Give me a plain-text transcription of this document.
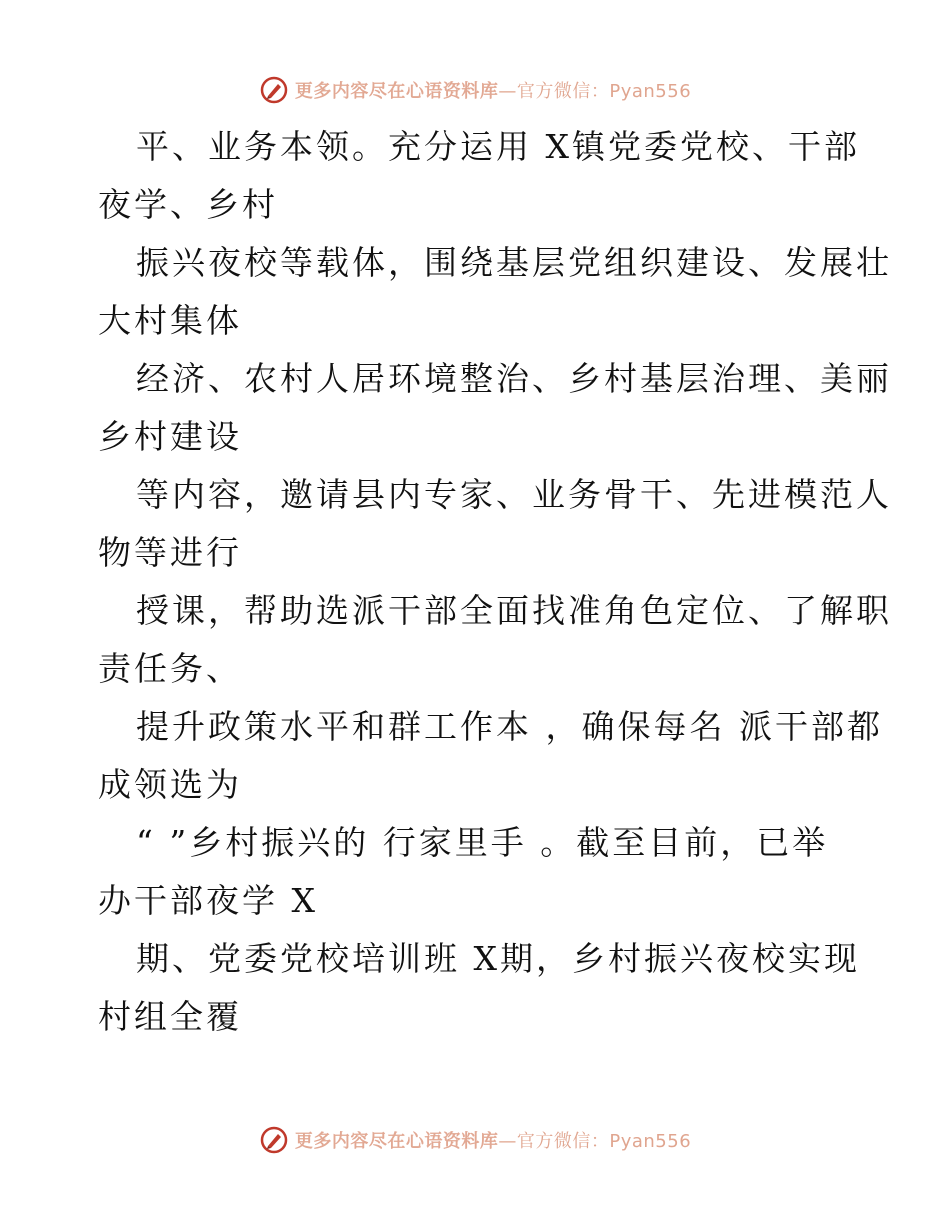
更多内容尽在心语资料库—官方微信：Pyan556
平、业务本领。充分运用 X镇党委党校、干部
夜学、乡村
振兴夜校等载体，围绕基层党组织建设、发展壮
大村集体
经济、农村人居环境整治、乡村基层治理、美丽
乡村建设
等内容，邀请县内专家、业务骨干、先进模范人
物等进行
授课，帮助选派干部全面找准角色定位、了解职
责任务、
提升政策水平和群工作本 ，确保每名 派干部都
成领选为
“ ”乡村振兴的 行家里手 。截至目前，已举
办干部夜学 X
期、党委党校培训班 X期，乡村振兴夜校实现
村组全覆
更多内容尽在心语资料库—官方微信：Pyan556
